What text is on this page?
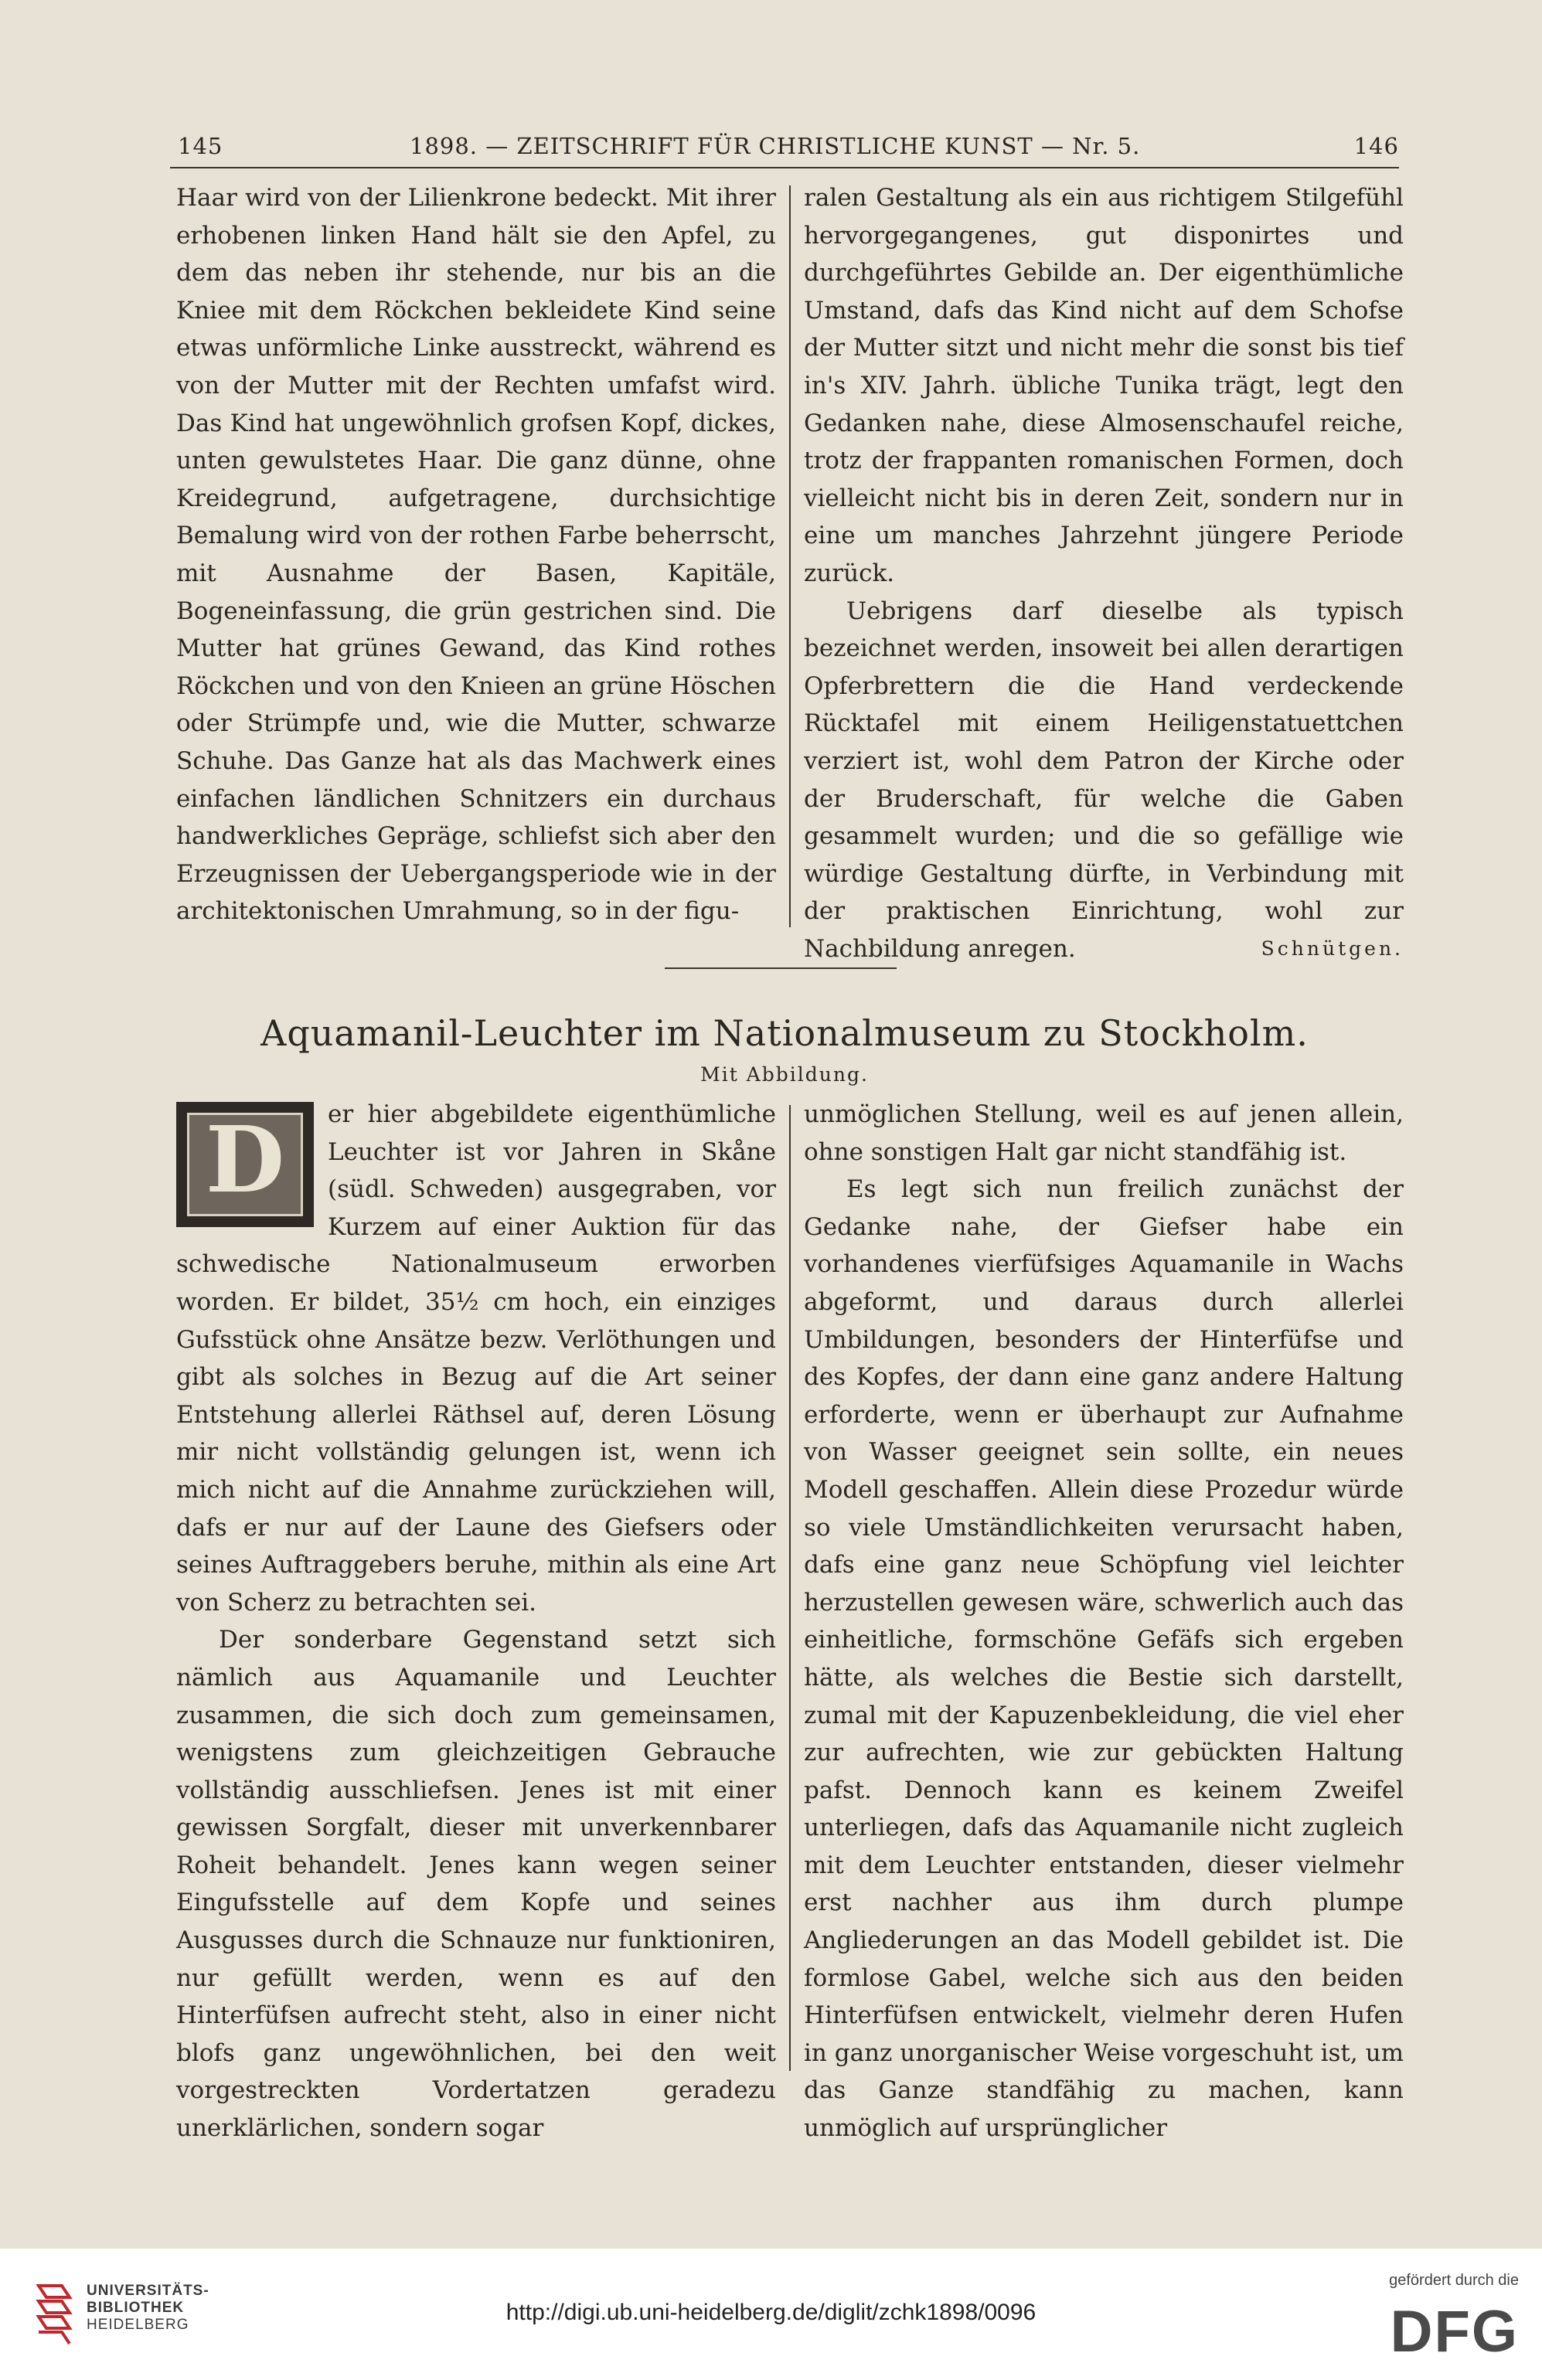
145	1898. — ZEITSCHRIFT FÜR CHRISTLICHE KUNST — Nr. 5.	146

Haar wird von der Lilienkrone bedeckt. Mit ihrer erhobenen linken Hand hält sie den Apfel, zu dem das neben ihr stehende, nur bis an die Kniee mit dem Röckchen bekleidete Kind seine etwas unförmliche Linke ausstreckt, während es von der Mutter mit der Rechten umfafst wird. Das Kind hat ungewöhnlich grofsen Kopf, dickes, unten gewulstetes Haar. Die ganz dünne, ohne Kreidegrund, aufgetragene, durchsichtige Bemalung wird von der rothen Farbe beherrscht, mit Ausnahme der Basen, Kapitäle, Bogeneinfassung, die grün gestrichen sind. Die Mutter hat grünes Gewand, das Kind rothes Röckchen und von den Knieen an grüne Höschen oder Strümpfe und, wie die Mutter, schwarze Schuhe. Das Ganze hat als das Machwerk eines einfachen ländlichen Schnitzers ein durchaus handwerkliches Gepräge, schliefst sich aber den Erzeugnissen der Uebergangsperiode wie in der architektonischen Umrahmung, so in der figu-

ralen Gestaltung als ein aus richtigem Stilgefühl hervorgegangenes, gut disponirtes und durchgeführtes Gebilde an. Der eigenthümliche Umstand, dafs das Kind nicht auf dem Schofse der Mutter sitzt und nicht mehr die sonst bis tief in's XIV. Jahrh. übliche Tunika trägt, legt den Gedanken nahe, diese Almosenschaufel reiche, trotz der frappanten romanischen Formen, doch vielleicht nicht bis in deren Zeit, sondern nur in eine um manches Jahrzehnt jüngere Periode zurück.

Uebrigens darf dieselbe als typisch bezeichnet werden, insoweit bei allen derartigen Opferbrettern die die Hand verdeckende Rücktafel mit einem Heiligenstatuettchen verziert ist, wohl dem Patron der Kirche oder der Bruderschaft, für welche die Gaben gesammelt wurden; und die so gefällige wie würdige Gestaltung dürfte, in Verbindung mit der praktischen Einrichtung, wohl zur Nachbildung anregen.	Schnütgen.

Aquamanil-Leuchter im Nationalmuseum zu Stockholm.
Mit Abbildung.

D	er hier abgebildete eigenthümliche Leuchter ist vor Jahren in Skåne (südl. Schweden) ausgegraben, vor Kurzem auf einer Auktion für das schwedische Nationalmuseum erworben worden. Er bildet, 35½ cm hoch, ein einziges Gufsstück ohne Ansätze bezw. Verlöthungen und gibt als solches in Bezug auf die Art seiner Entstehung allerlei Räthsel auf, deren Lösung mir nicht vollständig gelungen ist, wenn ich mich nicht auf die Annahme zurückziehen will, dafs er nur auf der Laune des Giefsers oder seines Auftraggebers beruhe, mithin als eine Art von Scherz zu betrachten sei.

Der sonderbare Gegenstand setzt sich nämlich aus Aquamanile und Leuchter zusammen, die sich doch zum gemeinsamen, wenigstens zum gleichzeitigen Gebrauche vollständig ausschliefsen. Jenes ist mit einer gewissen Sorgfalt, dieser mit unverkennbarer Roheit behandelt. Jenes kann wegen seiner Eingufsstelle auf dem Kopfe und seines Ausgusses durch die Schnauze nur funktioniren, nur gefüllt werden, wenn es auf den Hinterfüfsen aufrecht steht, also in einer nicht blofs ganz ungewöhnlichen, bei den weit vorgestreckten Vordertatzen geradezu unerklärlichen, sondern sogar

unmöglichen Stellung, weil es auf jenen allein, ohne sonstigen Halt gar nicht standfähig ist.

Es legt sich nun freilich zunächst der Gedanke nahe, der Giefser habe ein vorhandenes vierfüfsiges Aquamanile in Wachs abgeformt, und daraus durch allerlei Umbildungen, besonders der Hinterfüfse und des Kopfes, der dann eine ganz andere Haltung erforderte, wenn er überhaupt zur Aufnahme von Wasser geeignet sein sollte, ein neues Modell geschaffen. Allein diese Prozedur würde so viele Umständlichkeiten verursacht haben, dafs eine ganz neue Schöpfung viel leichter herzustellen gewesen wäre, schwerlich auch das einheitliche, formschöne Gefäfs sich ergeben hätte, als welches die Bestie sich darstellt, zumal mit der Kapuzenbekleidung, die viel eher zur aufrechten, wie zur gebückten Haltung pafst. Dennoch kann es keinem Zweifel unterliegen, dafs das Aquamanile nicht zugleich mit dem Leuchter entstanden, dieser vielmehr erst nachher aus ihm durch plumpe Angliederungen an das Modell gebildet ist. Die formlose Gabel, welche sich aus den beiden Hinterfüfsen entwickelt, vielmehr deren Hufen in ganz unorganischer Weise vorgeschuht ist, um das Ganze standfähig zu machen, kann unmöglich auf ursprünglicher

UNIVERSITÄTS-
BIBLIOTHEK
HEIDELBERG	http://digi.ub.uni-heidelberg.de/diglit/zchk1898/0096
gefördert durch die
DFG
